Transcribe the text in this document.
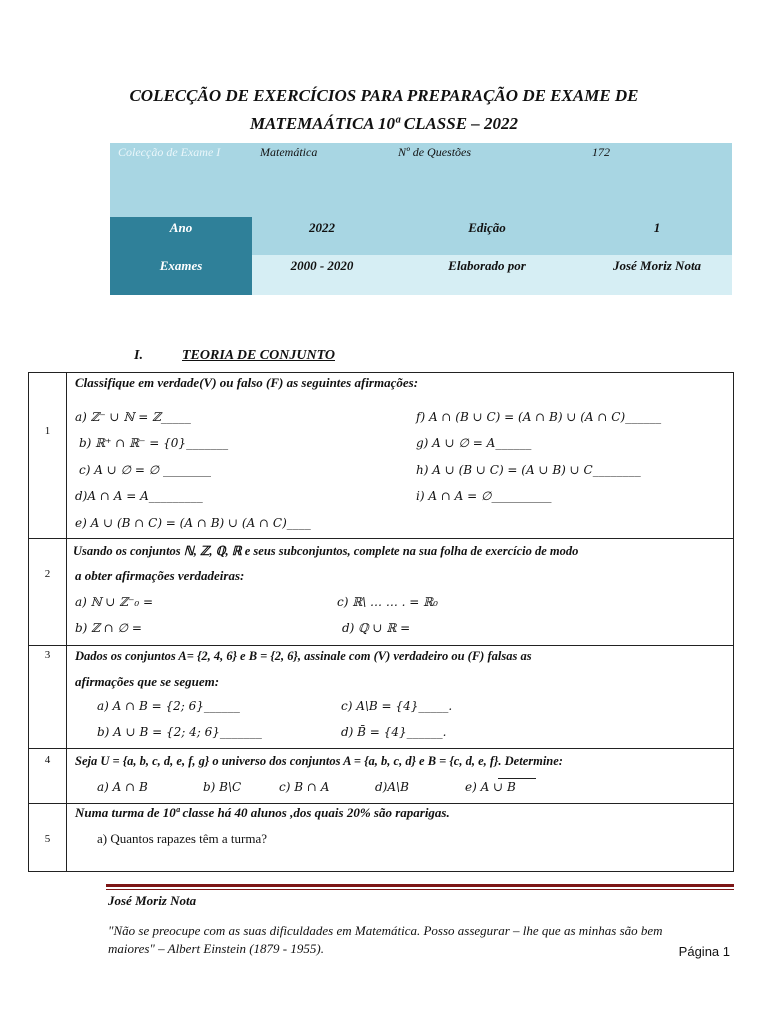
COLECÇÃO DE EXERCÍCIOS PARA PREPARAÇÃO DE EXAME DE
MATEMAÁTICA 10ª CLASSE – 2022
Colecção de Exame I	Matemática	Nº de Questões	172
Ano	2022	Edição	1
Exames	2000 - 2020	Elaborado por	José Moriz Nota
I.	TEORIA DE CONJUNTO
1
Classifique em verdade(V) ou falso (F) as seguintes afirmações:
a) ℤ⁻ ∪ ℕ = ℤ_____
b) ℝ⁺ ∩ ℝ⁻ = {0}_______
c) A ∪ ∅ = ∅ ________
d)A ∩ A = A_________
e) A ∪ (B ∩ C) = (A ∩ B) ∪ (A ∩ C)____
f) A ∩ (B ∪ C) = (A ∩ B) ∪ (A ∩ C)______
g) A ∪ ∅ = A______
h) A ∪ (B ∪ C) = (A ∪ B) ∪ C________
i) A ∩ A = ∅__________
2
Usando os conjuntos ℕ, ℤ, ℚ, ℝ e seus subconjuntos, complete na sua folha de exercício de modo
a obter afirmações verdadeiras:
a) ℕ ∪ ℤ⁻₀ =
b) ℤ ∩ ∅ =
c) ℝ\ … … . = ℝ₀
d) ℚ ∪ ℝ =
3	Dados os conjuntos A= {2, 4, 6} e B = {2, 6}, assinale com (V) verdadeiro ou (F) falsas as
afirmações que se seguem:
a) A ∩ B = {2; 6}______
b) A ∪ B = {2; 4; 6}_______
c) A\B = {4}_____.
d) B̄ = {4}______.
4	Seja U = {a, b, c, d, e, f, g} o universo dos conjuntos A = {a, b, c, d} e B = {c, d, e, f}. Determine:
a) A ∩ B	b) B\C	c) B ∩ A	d)A\B	e) A ∪ B
5
Numa turma de 10ª classe há 40 alunos ,dos quais 20% são raparigas.
a) Quantos rapazes têm a turma?
José Moriz Nota
"Não se preocupe com as suas dificuldades em Matemática. Posso assegurar – lhe que as minhas são bem maiores" – Albert Einstein (1879 - 1955).	Página 1
